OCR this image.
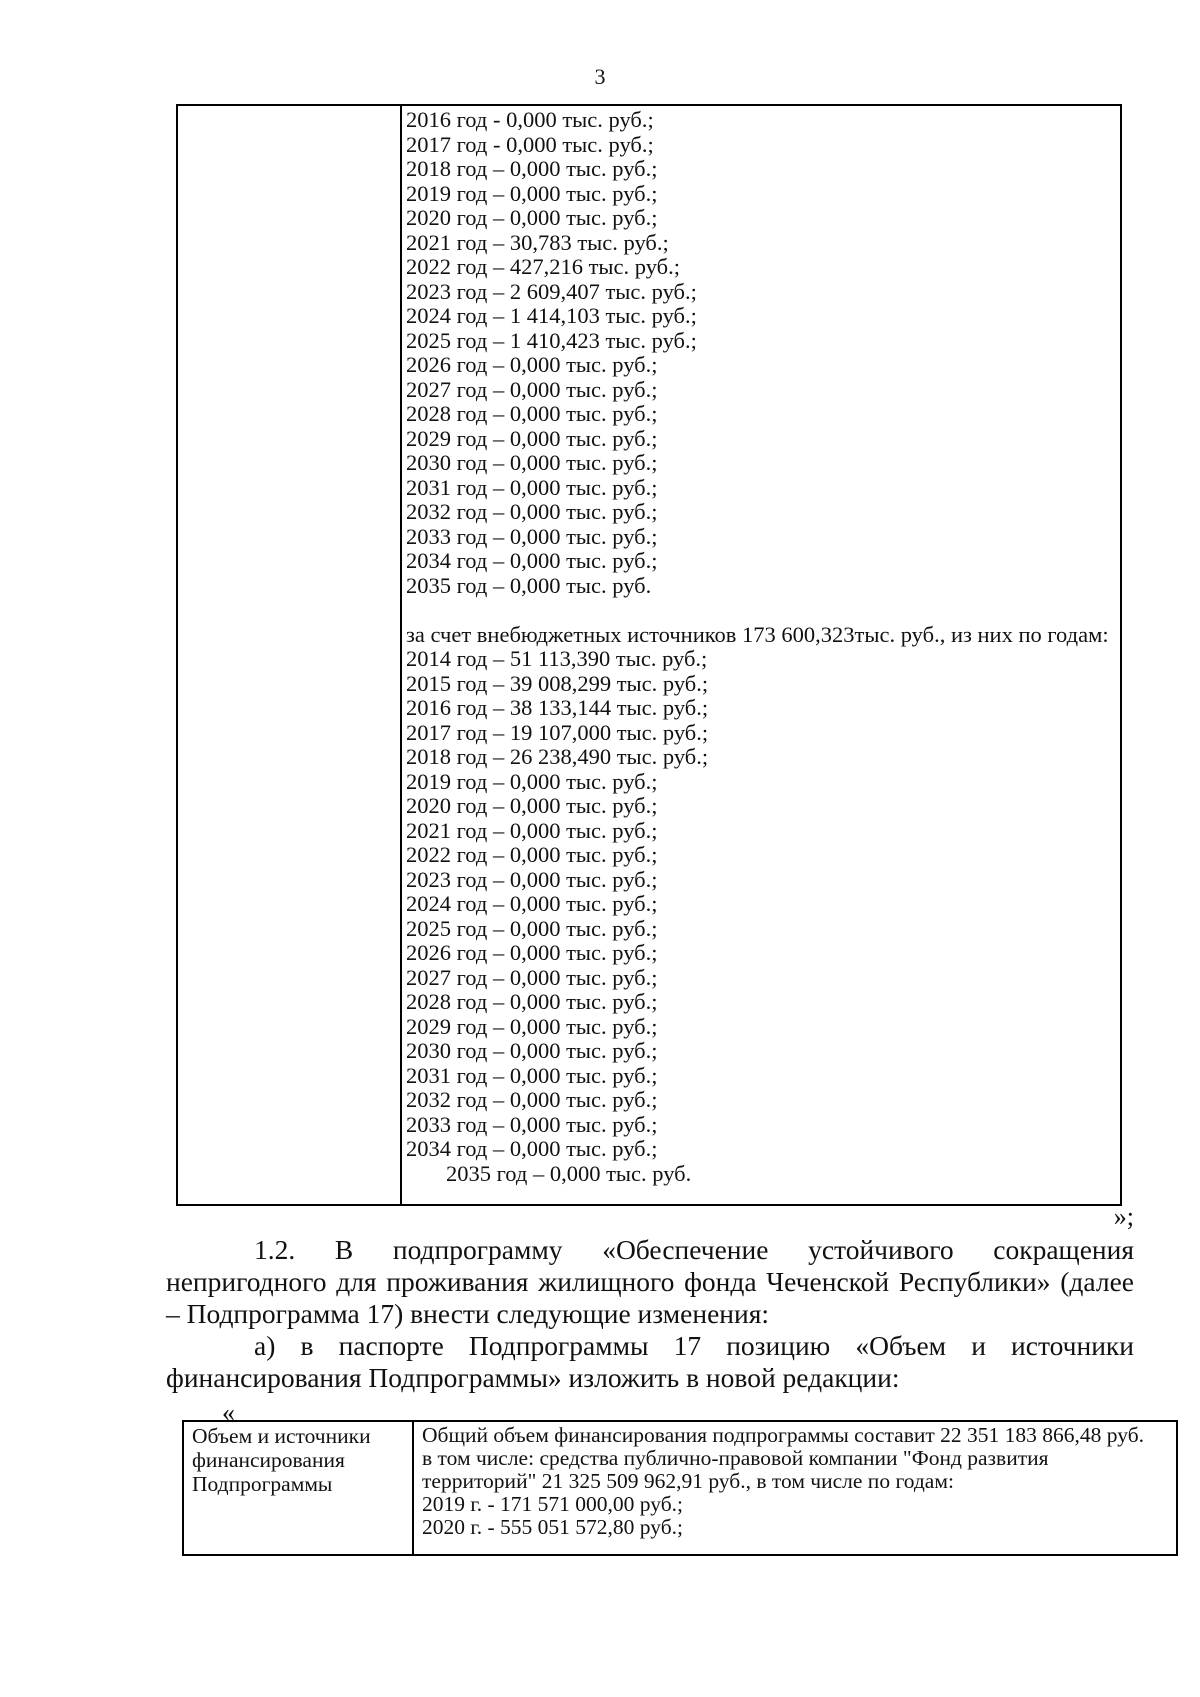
3
2016 год - 0,000 тыс. руб.;
2017 год - 0,000 тыс. руб.;
2018 год – 0,000 тыс. руб.;
2019 год – 0,000 тыс. руб.;
2020 год – 0,000 тыс. руб.;
2021 год – 30,783 тыс. руб.;
2022 год – 427,216 тыс. руб.;
2023 год – 2 609,407 тыс. руб.;
2024 год – 1 414,103 тыс. руб.;
2025 год – 1 410,423 тыс. руб.;
2026 год – 0,000 тыс. руб.;
2027 год – 0,000 тыс. руб.;
2028 год – 0,000 тыс. руб.;
2029 год – 0,000 тыс. руб.;
2030 год – 0,000 тыс. руб.;
2031 год – 0,000 тыс. руб.;
2032 год – 0,000 тыс. руб.;
2033 год – 0,000 тыс. руб.;
2034 год – 0,000 тыс. руб.;
2035 год – 0,000 тыс. руб.
за счет внебюджетных источников 173 600,323тыс. руб., из них по годам:
2014 год – 51 113,390 тыс. руб.;
2015 год – 39 008,299 тыс. руб.;
2016 год – 38 133,144 тыс. руб.;
2017 год – 19 107,000 тыс. руб.;
2018 год – 26 238,490 тыс. руб.;
2019 год – 0,000 тыс. руб.;
2020 год – 0,000 тыс. руб.;
2021 год – 0,000 тыс. руб.;
2022 год – 0,000 тыс. руб.;
2023 год – 0,000 тыс. руб.;
2024 год – 0,000 тыс. руб.;
2025 год – 0,000 тыс. руб.;
2026 год – 0,000 тыс. руб.;
2027 год – 0,000 тыс. руб.;
2028 год – 0,000 тыс. руб.;
2029 год – 0,000 тыс. руб.;
2030 год – 0,000 тыс. руб.;
2031 год – 0,000 тыс. руб.;
2032 год – 0,000 тыс. руб.;
2033 год – 0,000 тыс. руб.;
2034 год – 0,000 тыс. руб.;
2035 год – 0,000 тыс. руб.
»;
1.2. В подпрограмму «Обеспечение устойчивого сокращения непригодного для проживания жилищного фонда Чеченской Республики» (далее – Подпрограмма 17) внести следующие изменения:
а) в паспорте Подпрограммы 17 позицию «Объем и источники финансирования Подпрограммы» изложить в новой редакции:
«
Объем и источники финансирования Подпрограммы
Общий объем финансирования подпрограммы составит 22 351 183 866,48 руб.
в том числе: средства публично-правовой компании "Фонд развития территорий" 21 325 509 962,91 руб., в том числе по годам:
2019 г. - 171 571 000,00 руб.;
2020 г. - 555 051 572,80 руб.;
